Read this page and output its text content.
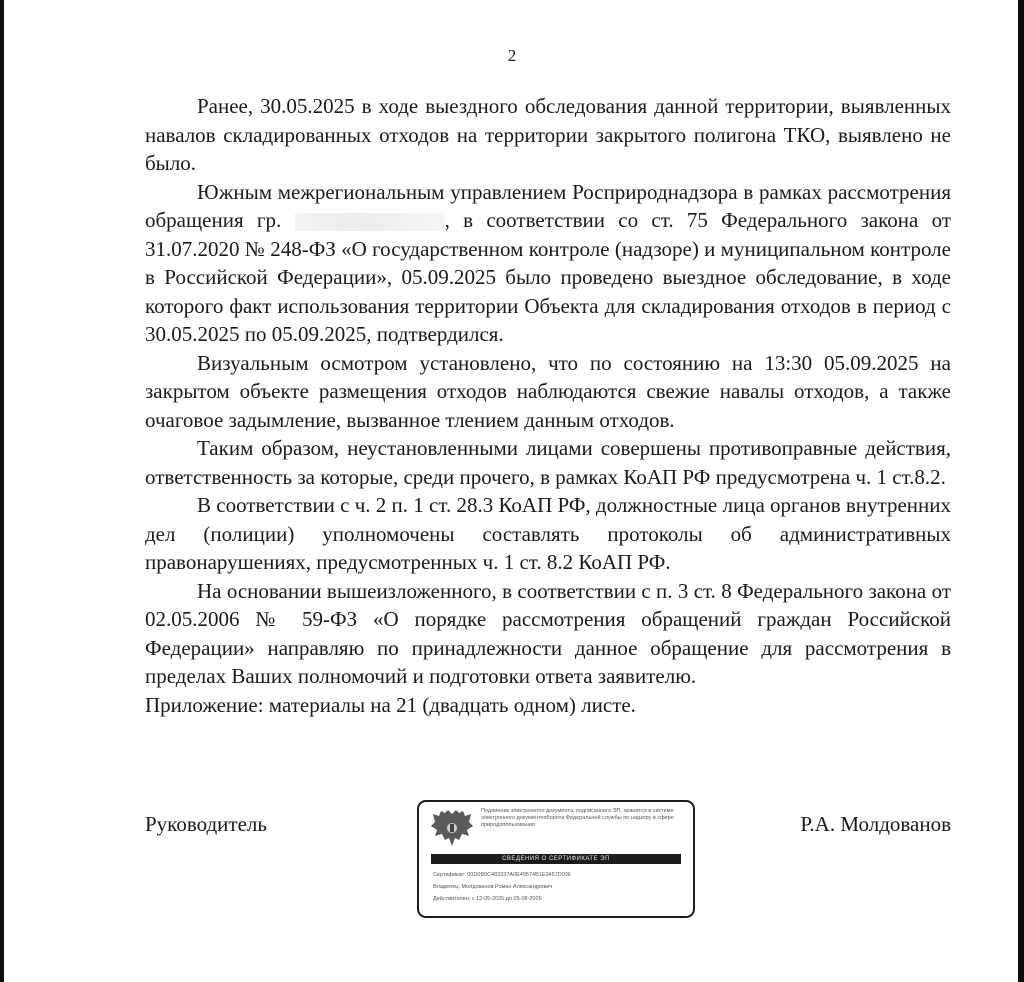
2

Ранее, 30.05.2025 в ходе выездного обследования данной территории, выявленных навалов складированных отходов на территории закрытого полигона ТКО, выявлено не было.

Южным межрегиональным управлением Росприроднадзора в рамках рассмотрения обращения гр.	, в соответствии со ст. 75 Федерального закона от 31.07.2020 № 248-ФЗ «О государственном контроле (надзоре) и муниципальном контроле в Российской Федерации», 05.09.2025 было проведено выездное обследование, в ходе которого факт использования территории Объекта для складирования отходов в период с 30.05.2025 по 05.09.2025, подтвердился.

Визуальным осмотром установлено, что по состоянию на 13:30 05.09.2025 на закрытом объекте размещения отходов наблюдаются свежие навалы отходов, а также очаговое задымление, вызванное тлением данным отходов.

Таким образом, неустановленными лицами совершены противоправные действия, ответственность за которые, среди прочего, в рамках КоАП РФ предусмотрена ч. 1 ст.8.2.

В соответствии с ч. 2 п. 1 ст. 28.3 КоАП РФ, должностные лица органов внутренних дел (полиции) уполномочены составлять протоколы об административных правонарушениях, предусмотренных ч. 1 ст. 8.2 КоАП РФ.

На основании вышеизложенного, в соответствии с п. 3 ст. 8 Федерального закона от 02.05.2006 № 59-ФЗ «О порядке рассмотрения обращений граждан Российской Федерации» направляю по принадлежности данное обращение для рассмотрения в пределах Ваших полномочий и подготовки ответа заявителю.

Приложение: материалы на 21 (двадцать одном) листе.

Руководитель	Р.А. Молдованов
Подлинник электронного документа, подписанного ЭП, хранится в системе электронного документооборота Федеральной службы по надзору в сфере природопользования
СВЕДЕНИЯ О СЕРТИФИКАТЕ ЭП
Сертификат: 00D6B0C483337A0E49574B1E3457D036
Владелец: Молдованов Роман Александрович
Действителен: с 12-05-2025 до 05-08-2026
